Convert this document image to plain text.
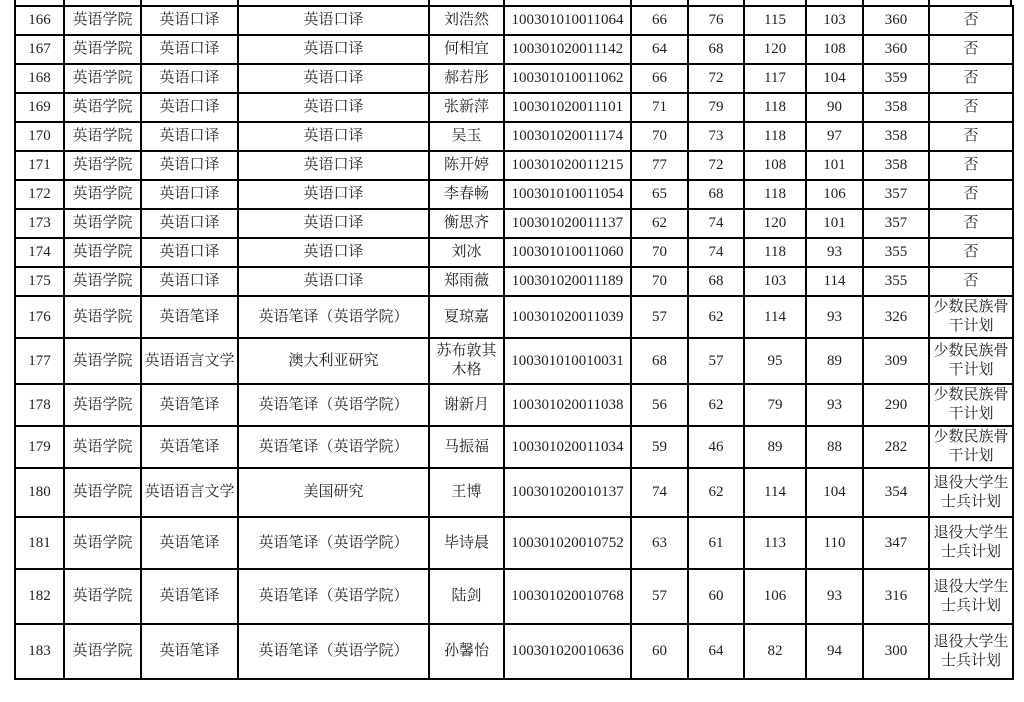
166	英语学院	英语口译	英语口译	刘浩然	100301010011064	66	76	115	103	360	否
167	英语学院	英语口译	英语口译	何相宜	100301020011142	64	68	120	108	360	否
168	英语学院	英语口译	英语口译	郝若彤	100301010011062	66	72	117	104	359	否
169	英语学院	英语口译	英语口译	张新萍	100301020011101	71	79	118	90	358	否
170	英语学院	英语口译	英语口译	吴玉	100301020011174	70	73	118	97	358	否
171	英语学院	英语口译	英语口译	陈开婷	100301020011215	77	72	108	101	358	否
172	英语学院	英语口译	英语口译	李春畅	100301010011054	65	68	118	106	357	否
173	英语学院	英语口译	英语口译	衡思齐	100301020011137	62	74	120	101	357	否
174	英语学院	英语口译	英语口译	刘冰	100301010011060	70	74	118	93	355	否
175	英语学院	英语口译	英语口译	郑雨薇	100301020011189	70	68	103	114	355	否
176	英语学院	英语笔译	英语笔译（英语学院）	夏琼嘉	100301020011039	57	62	114	93	326	少数民族骨干计划
177	英语学院	英语语言文学	澳大利亚研究	苏布敦其木格	100301010010031	68	57	95	89	309	少数民族骨干计划
178	英语学院	英语笔译	英语笔译（英语学院）	谢新月	100301020011038	56	62	79	93	290	少数民族骨干计划
179	英语学院	英语笔译	英语笔译（英语学院）	马振福	100301020011034	59	46	89	88	282	少数民族骨干计划
180	英语学院	英语语言文学	美国研究	王博	100301020010137	74	62	114	104	354	退役大学生士兵计划
181	英语学院	英语笔译	英语笔译（英语学院）	毕诗晨	100301020010752	63	61	113	110	347	退役大学生士兵计划
182	英语学院	英语笔译	英语笔译（英语学院）	陆剑	100301020010768	57	60	106	93	316	退役大学生士兵计划
183	英语学院	英语笔译	英语笔译（英语学院）	孙馨怡	100301020010636	60	64	82	94	300	退役大学生士兵计划
